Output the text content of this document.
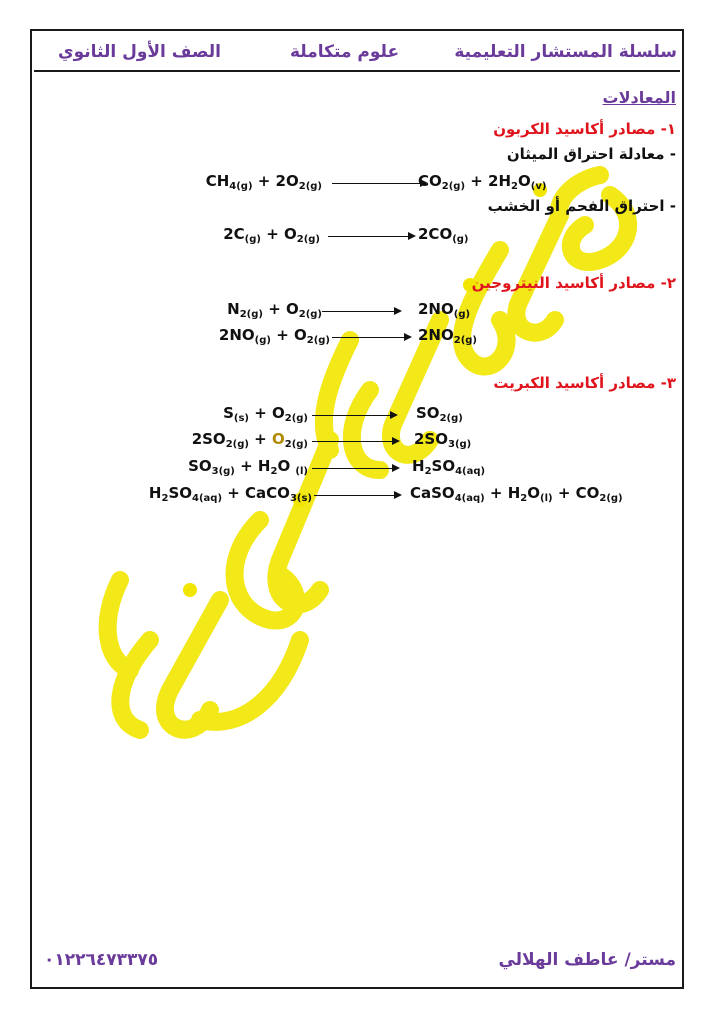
سلسلة المستشار التعليمية
علوم متكاملة
الصف الأول الثانوي
المعادلات
١- مصادر أكاسيد الكربون
- معادلة احتراق الميثان
$CH_{4(g)} + 2O_{2(g)}$	$CO_{2(g)} + 2H_2O_{(v)}$
- احتراق الفحم أو الخشب
$2C_{(g)} + O_{2(g)}$	$2CO_{(g)}$
٢- مصادر أكاسيد النيتروجين
$N_{2(g)} + O_{2(g)}$	$2NO_{(g)}$
$2NO_{(g)} + O_{2(g)}$	$2NO_{2(g)}$
٣- مصادر أكاسيد الكبريت
$S_{(s)} + O_{2(g)}$	$SO_{2(g)}$
$2SO_{2(g)} + O_{2(g)}$	$2SO_{3(g)}$
$SO_{3(g)} + H_2O$ $_{(l)}$	$H_2SO_{4(aq)}$
$H_2SO_{4(aq)}$ + CaCO$_{3(s)}$	CaSO$_{4(aq)}$ + $H_2O_{(l)} + CO_{2(g)}$
٠١٢٢٦٤٧٣٣٧٥	مستر/ عاطف الهلالي
